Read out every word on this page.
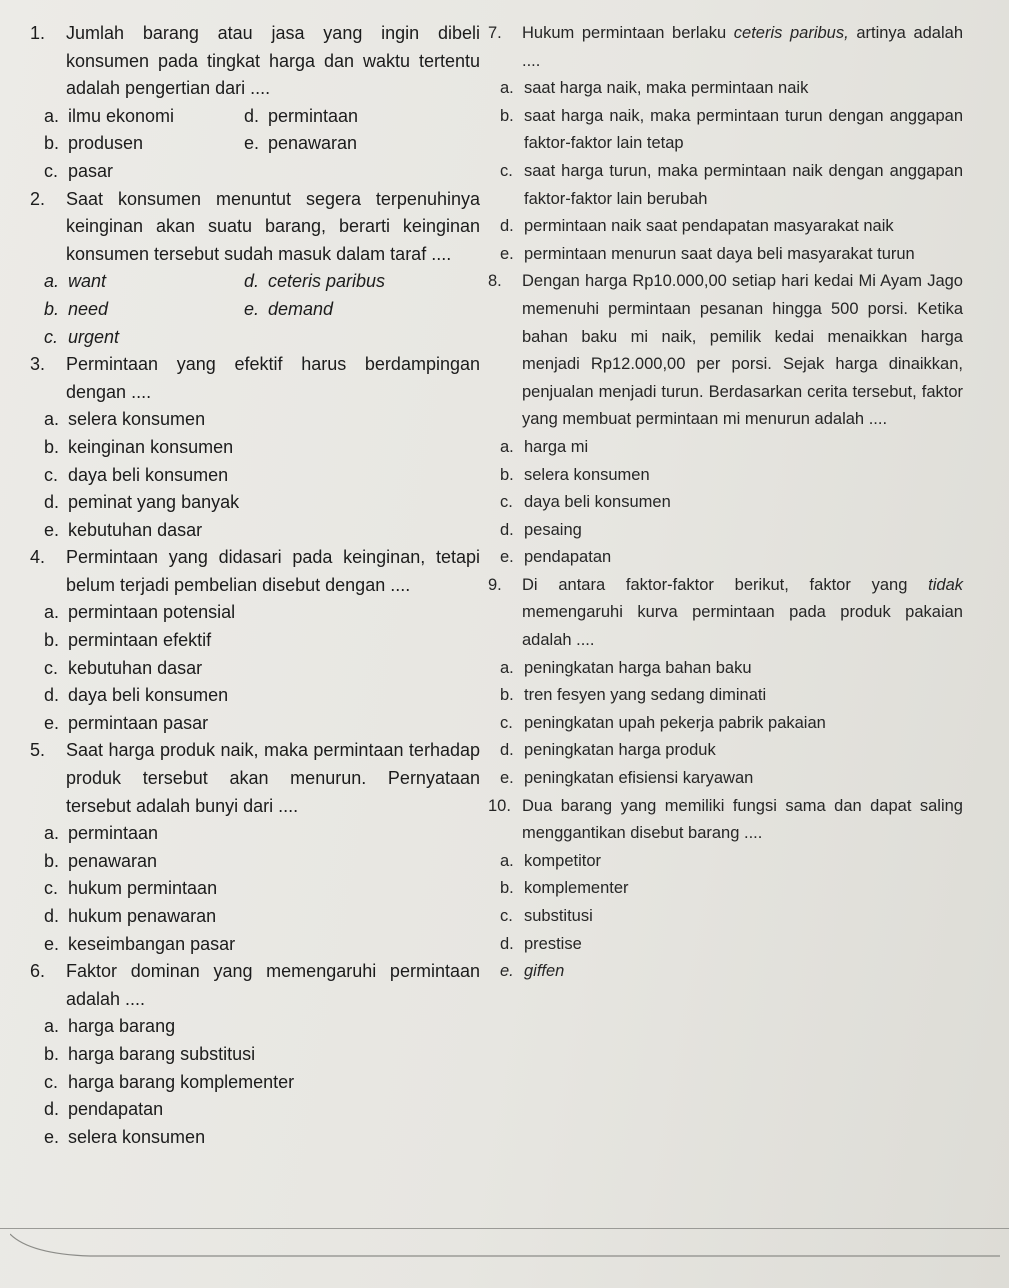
1.	Jumlah barang atau jasa yang ingin dibeli konsumen pada tingkat harga dan waktu tertentu adalah pengertian dari ....
a. ilmu ekonomi	d. permintaan
b. produsen	e. penawaran
c. pasar
2.	Saat konsumen menuntut segera terpenuhinya keinginan akan suatu barang, berarti keinginan konsumen tersebut sudah masuk dalam taraf ....
a. want	d. ceteris paribus
b. need	e. demand
c. urgent
3.	Permintaan yang efektif harus berdampingan dengan ....
a. selera konsumen
b. keinginan konsumen
c. daya beli konsumen
d. peminat yang banyak
e. kebutuhan dasar
4.	Permintaan yang didasari pada keinginan, tetapi belum terjadi pembelian disebut dengan ....
a. permintaan potensial
b. permintaan efektif
c. kebutuhan dasar
d. daya beli konsumen
e. permintaan pasar
5.	Saat harga produk naik, maka permintaan terhadap produk tersebut akan menurun. Pernyataan tersebut adalah bunyi dari ....
a. permintaan
b. penawaran
c. hukum permintaan
d. hukum penawaran
e. keseimbangan pasar
6.	Faktor dominan yang memengaruhi permintaan adalah ....
a. harga barang
b. harga barang substitusi
c. harga barang komplementer
d. pendapatan
e. selera konsumen
7.	Hukum permintaan berlaku ceteris paribus, artinya adalah ....
a. saat harga naik, maka permintaan naik
b. saat harga naik, maka permintaan turun dengan anggapan faktor-faktor lain tetap
c. saat harga turun, maka permintaan naik dengan anggapan faktor-faktor lain berubah
d. permintaan naik saat pendapatan masyarakat naik
e. permintaan menurun saat daya beli masyarakat turun
8.	Dengan harga Rp10.000,00 setiap hari kedai Mi Ayam Jago memenuhi permintaan pesanan hingga 500 porsi. Ketika bahan baku mi naik, pemilik kedai menaikkan harga menjadi Rp12.000,00 per porsi. Sejak harga dinaikkan, penjualan menjadi turun. Berdasarkan cerita tersebut, faktor yang membuat permintaan mi menurun adalah ....
a. harga mi
b. selera konsumen
c. daya beli konsumen
d. pesaing
e. pendapatan
9.	Di antara faktor-faktor berikut, faktor yang tidak memengaruhi kurva permintaan pada produk pakaian adalah ....
a. peningkatan harga bahan baku
b. tren fesyen yang sedang diminati
c. peningkatan upah pekerja pabrik pakaian
d. peningkatan harga produk
e. peningkatan efisiensi karyawan
10. Dua barang yang memiliki fungsi sama dan dapat saling menggantikan disebut barang ....
a. kompetitor
b. komplementer
c. substitusi
d. prestise
e. giffen
